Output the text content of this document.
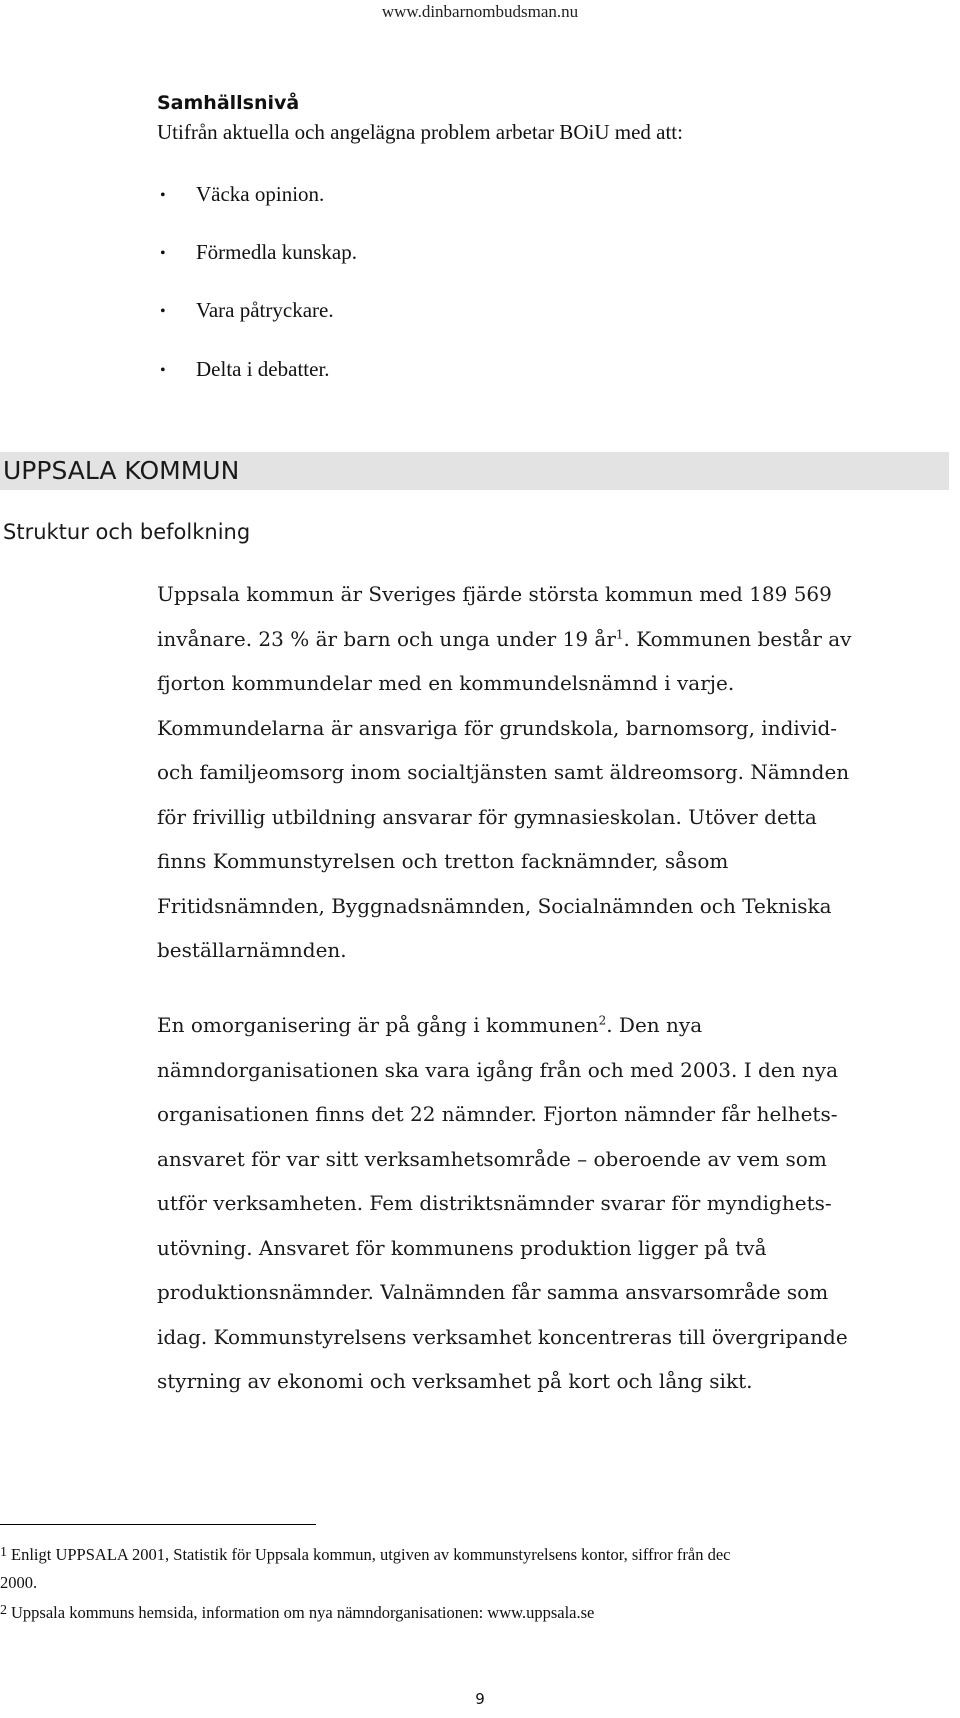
www.dinbarnombudsman.nu
Samhällsnivå
Utifrån aktuella och angelägna problem arbetar BOiU med att:
• Väcka opinion.
• Förmedla kunskap.
• Vara påtryckare.
• Delta i debatter.
UPPSALA KOMMUN
Struktur och befolkning
Uppsala kommun är Sveriges fjärde största kommun med 189 569
invånare. 23 % är barn och unga under 19 $år^1$. Kommunen består av
fjorton kommundelar med en kommundelsnämnd i varje.
Kommundelarna är ansvariga för grundskola, barnomsorg, individ-
och familjeomsorg inom socialtjänsten samt äldreomsorg. Nämnden
för frivillig utbildning ansvarar för gymnasieskolan. Utöver detta
finns Kommunstyrelsen och tretton facknämnder, såsom
Fritidsnämnden, Byggnadsnämnden, Socialnämnden och Tekniska
beställarnämnden.
En omorganisering är på gång i kommunen$^2$. Den nya
nämndorganisationen ska vara igång från och med 2003. I den nya
organisationen finns det 22 nämnder. Fjorton nämnder får helhets-
ansvaret för var sitt verksamhetsområde – oberoende av vem som
utför verksamheten. Fem distriktsnämnder svarar för myndighets-
utövning. Ansvaret för kommunens produktion ligger på två
produktionsnämnder. Valnämnden får samma ansvarsområde som
idag. Kommunstyrelsens verksamhet koncentreras till övergripande
styrning av ekonomi och verksamhet på kort och lång sikt.
$^1$ Enligt UPPSALA 2001, Statistik för Uppsala kommun, utgiven av kommunstyrelsens kontor, siffror från dec
2000.
$^2$ Uppsala kommuns hemsida, information om nya nämndorganisationen: www.uppsala.se
9
